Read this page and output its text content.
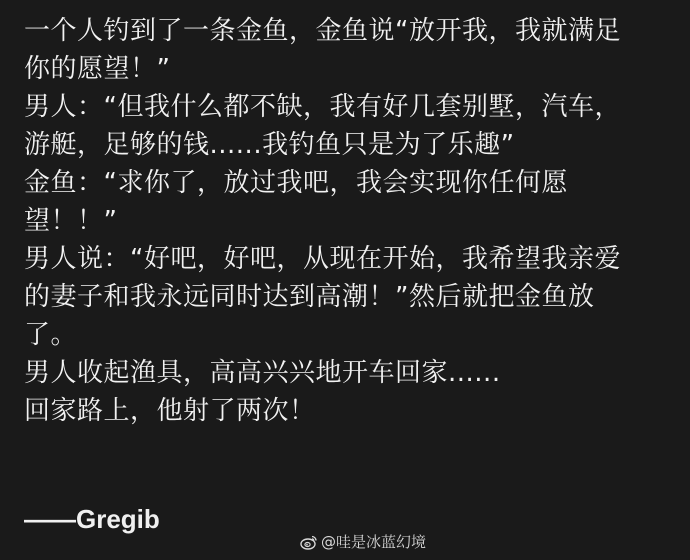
一个人钓到了一条金鱼，金鱼说“放开我，我就满足
你的愿望！”
男人：“但我什么都不缺，我有好几套别墅，汽车，
游艇，足够的钱......我钓鱼只是为了乐趣”
金鱼：“求你了，放过我吧，我会实现你任何愿
望！！”
男人说：“好吧，好吧，从现在开始，我希望我亲爱
的妻子和我永远同时达到高潮！”然后就把金鱼放
了。
男人收起渔具，高高兴兴地开车回家......
回家路上，他射了两次！
——Gregib
@哇是冰蓝幻境
